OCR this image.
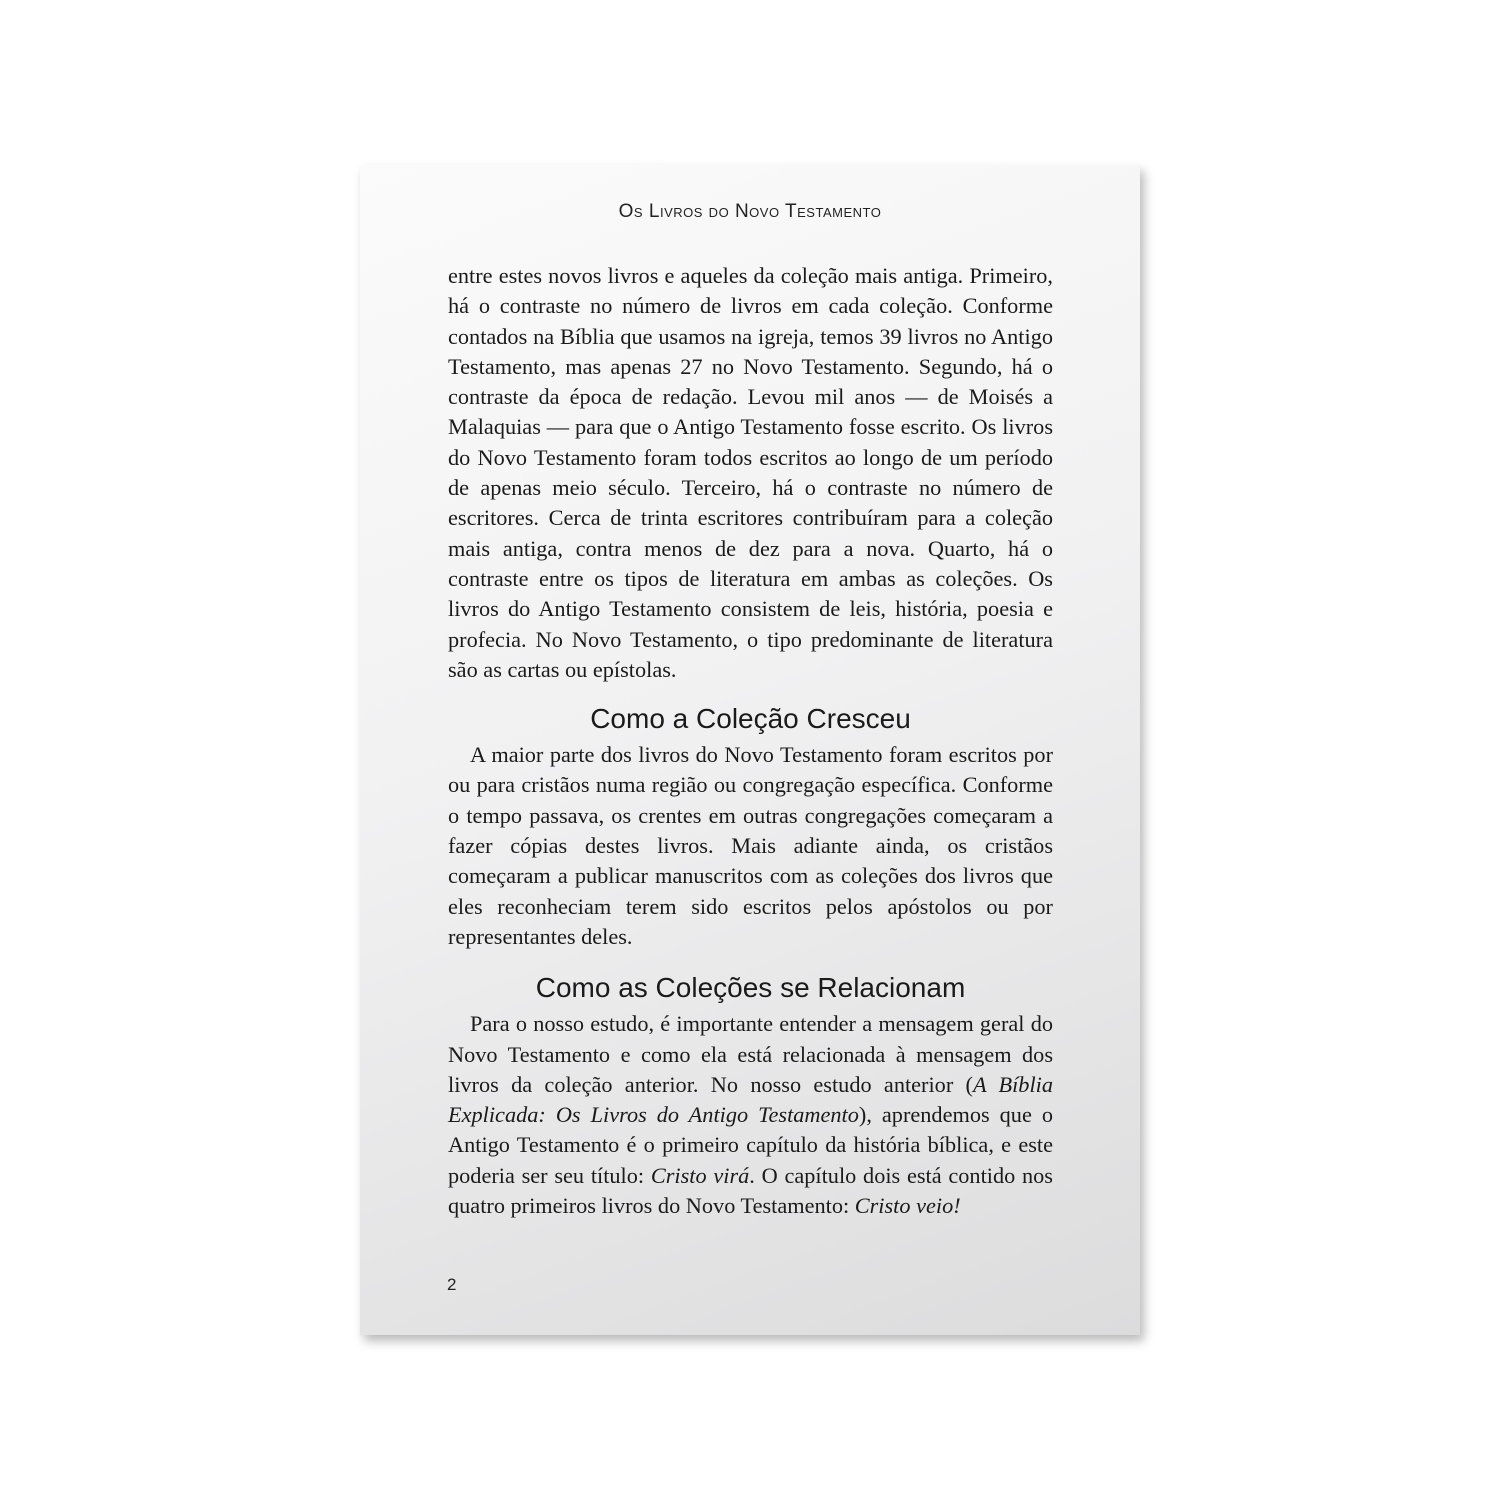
Os Livros do Novo Testamento

entre estes novos livros e aqueles da coleção mais antiga. Primeiro, há o contraste no número de livros em cada coleção. Conforme contados na Bíblia que usamos na igreja, temos 39 livros no Antigo Testamento, mas apenas 27 no Novo Testamento. Segundo, há o contraste da época de redação. Levou mil anos — de Moisés a Malaquias — para que o Antigo Testamento fosse escrito. Os livros do Novo Testamento foram todos escritos ao longo de um período de apenas meio século. Terceiro, há o contraste no número de escritores. Cerca de trinta escritores contribuíram para a coleção mais antiga, contra menos de dez para a nova. Quarto, há o contraste entre os tipos de literatura em ambas as coleções. Os livros do Antigo Testamento consistem de leis, história, poesia e profecia. No Novo Testamento, o tipo predominante de literatura são as cartas ou epístolas.

Como a Coleção Cresceu

A maior parte dos livros do Novo Testamento foram escritos por ou para cristãos numa região ou congregação específica. Conforme o tempo passava, os crentes em outras congregações começaram a fazer cópias destes livros. Mais adiante ainda, os cristãos começaram a publicar manuscritos com as coleções dos livros que eles reconheciam terem sido escritos pelos apóstolos ou por representantes deles.

Como as Coleções se Relacionam

Para o nosso estudo, é importante entender a mensagem geral do Novo Testamento e como ela está relacionada à mensagem dos livros da coleção anterior. No nosso estudo anterior (A Bíblia Explicada: Os Livros do Antigo Testamento), aprendemos que o Antigo Testamento é o primeiro capítulo da história bíblica, e este poderia ser seu título: Cristo virá. O capítulo dois está contido nos quatro primeiros livros do Novo Testamento: Cristo veio!

2
